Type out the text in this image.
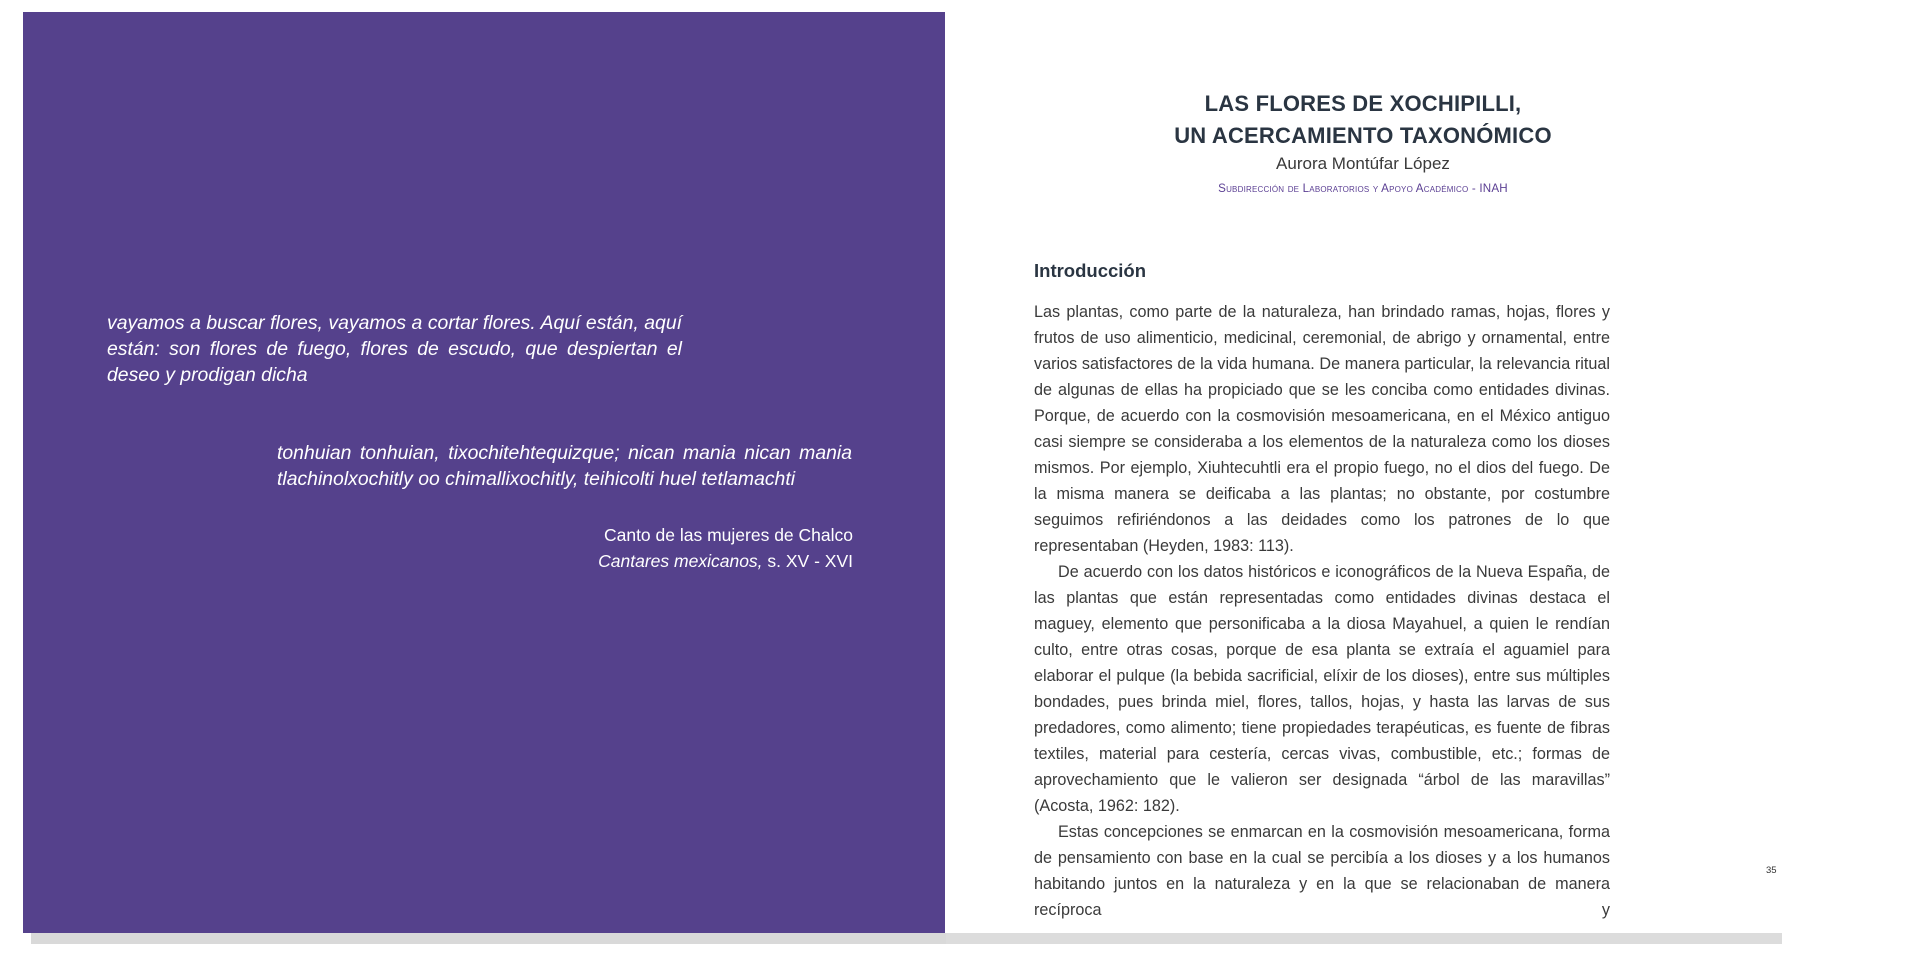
vayamos a buscar flores, vayamos a cortar flores. Aquí están, aquí están: son flores de fuego, flores de escudo, que despiertan el deseo y prodigan dicha

tonhuian tonhuian, tixochitehtequizque; nican mania nican mania tlachinolxochitly oo chimallixochitly, teihicolti huel tetlamachti

Canto de las mujeres de Chalco
Cantares mexicanos, s. XV - XVI
LAS FLORES DE XOCHIPILLI,
UN ACERCAMIENTO TAXONÓMICO
Aurora Montúfar López
Subdirección de Laboratorios y Apoyo Académico - INAH
Introducción

Las plantas, como parte de la naturaleza, han brindado ramas, hojas, flores y frutos de uso alimenticio, medicinal, ceremonial, de abrigo y ornamental, entre varios satisfactores de la vida humana. De manera particular, la relevancia ritual de algunas de ellas ha propiciado que se les conciba como entidades divinas. Porque, de acuerdo con la cosmovisión mesoamericana, en el México antiguo casi siempre se consideraba a los elementos de la naturaleza como los dioses mismos. Por ejemplo, Xiuhtecuhtli era el propio fuego, no el dios del fuego. De la misma manera se deificaba a las plantas; no obstante, por costumbre seguimos refiriéndonos a las deidades como los patrones de lo que representaban (Heyden, 1983: 113).

De acuerdo con los datos históricos e iconográficos de la Nueva España, de las plantas que están representadas como entidades divinas destaca el maguey, elemento que personificaba a la diosa Mayahuel, a quien le rendían culto, entre otras cosas, porque de esa planta se extraía el aguamiel para elaborar el pulque (la bebida sacrificial, elíxir de los dioses), entre sus múltiples bondades, pues brinda miel, flores, tallos, hojas, y hasta las larvas de sus predadores, como alimento; tiene propiedades terapéuticas, es fuente de fibras textiles, material para cestería, cercas vivas, combustible, etc.; formas de aprovechamiento que le valieron ser designada “árbol de las maravillas” (Acosta, 1962: 182).

Estas concepciones se enmarcan en la cosmovisión mesoamericana, forma de pensamiento con base en la cual se percibía a los dioses y a los humanos habitando juntos en la naturaleza y en la que se relacionaban de manera recíproca y

35
